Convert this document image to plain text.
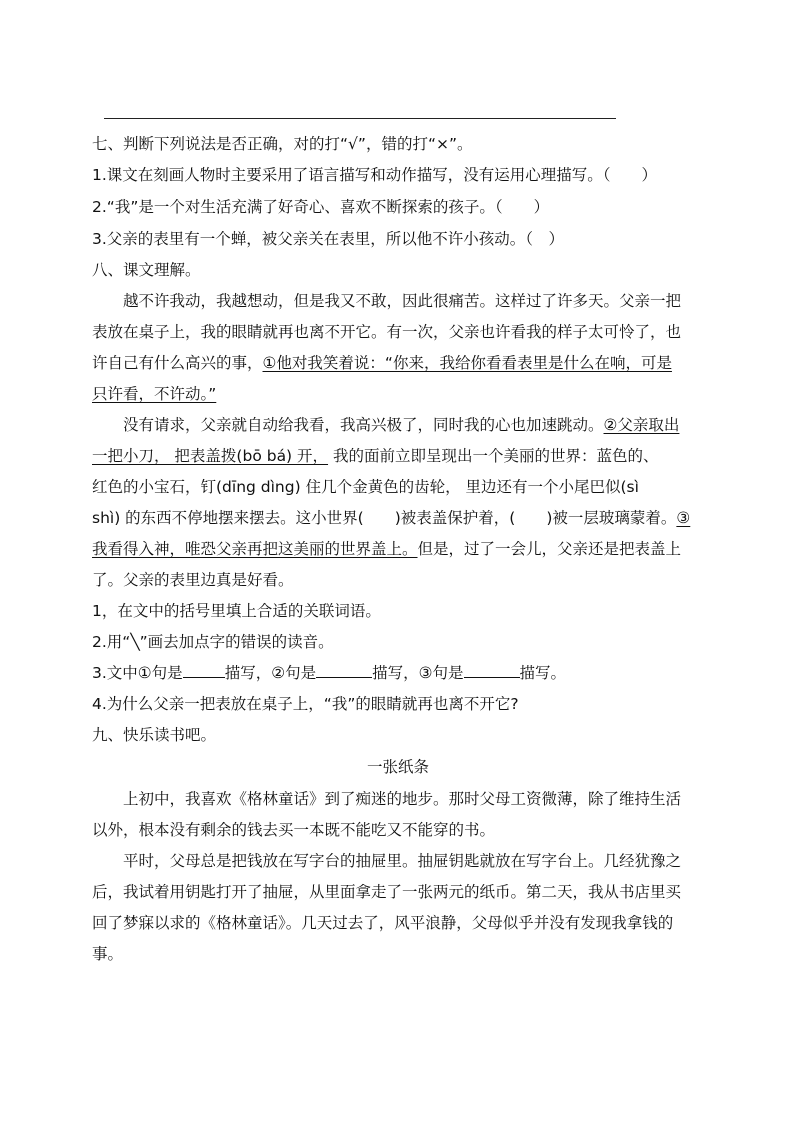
七、判断下列说法是否正确，对的打“√”，错的打“×”。
1.课文在刻画人物时主要采用了语言描写和动作描写，没有运用心理描写。（　　）
2.“我”是一个对生活充满了好奇心、喜欢不断探索的孩子。（　　）
3.父亲的表里有一个蝉，被父亲关在表里，所以他不许小孩动。（　）
八、课文理解。
越不许我动，我越想动，但是我又不敢，因此很痛苦。这样过了许多天。父亲一把
表放在桌子上，我的眼睛就再也离不开它。有一次，父亲也许看我的样子太可怜了，也
许自己有什么高兴的事，①他对我笑着说：“你来，我给你看看表里是什么在响，可是
只许看，不许动。”
没有请求，父亲就自动给我看，我高兴极了，同时我的心也加速跳动。②父亲取出
一把小刀， 把表盖拨(bō bá) 开， 我的面前立即呈现出一个美丽的世界：蓝色的、
红色的小宝石，钉(dīng dìng) 住几个金黄色的齿轮， 里边还有一个小尾巴似(sì
shì) 的东西不停地摆来摆去。这小世界(　　)被表盖保护着，(　　)被一层玻璃蒙着。③
我看得入神，唯恐父亲再把这美丽的世界盖上。但是，过了一会儿，父亲还是把表盖上
了。父亲的表里边真是好看。
1，在文中的括号里填上合适的关联词语。
2.用“╲”画去加点字的错误的读音。
3.文中①句是	描写，②句是	描写，③句是	描写。
4.为什么父亲一把表放在桌子上，“我”的眼睛就再也离不开它?
九、快乐读书吧。
一张纸条
上初中，我喜欢《格林童话》到了痴迷的地步。那时父母工资微薄，除了维持生活
以外，根本没有剩余的钱去买一本既不能吃又不能穿的书。
平时，父母总是把钱放在写字台的抽屉里。抽屉钥匙就放在写字台上。几经犹豫之
后，我试着用钥匙打开了抽屉，从里面拿走了一张两元的纸币。第二天，我从书店里买
回了梦寐以求的《格林童话》。几天过去了，风平浪静，父母似乎并没有发现我拿钱的
事。
